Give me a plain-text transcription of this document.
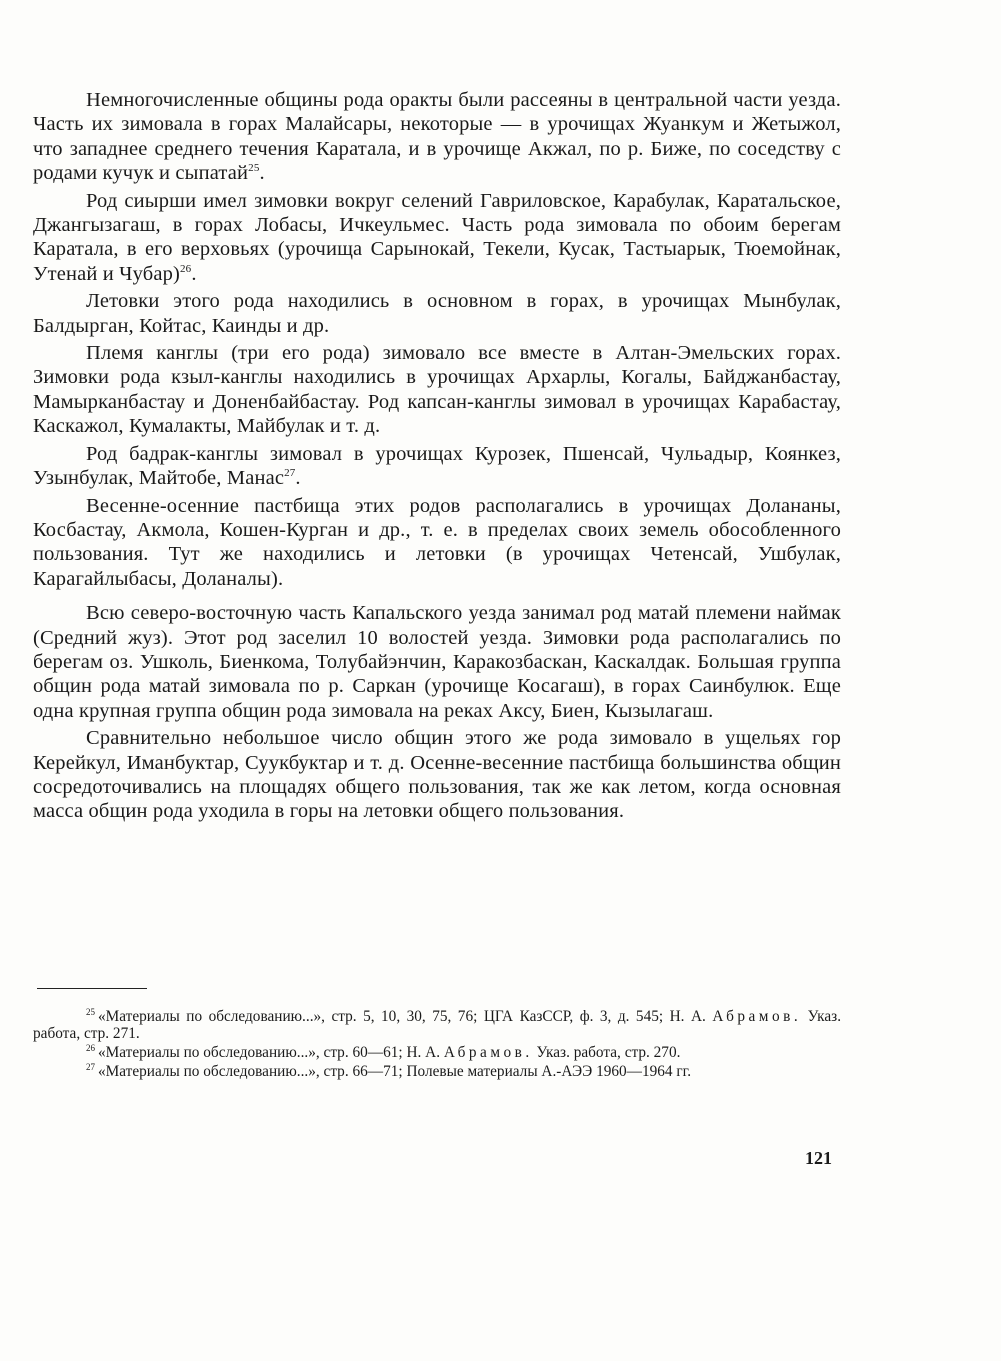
Немногочисленные общины рода оракты были рассеяны в центральной части уезда. Часть их зимовала в горах Малайсары, некоторые — в урочищах Жуанкум и Жетыжол, что западнее среднего течения Каратала, и в урочище Акжал, по р. Биже, по соседству с родами кучук и сыпатай$^{25}$.

Род сиырши имел зимовки вокруг селений Гавриловское, Карабулак, Каратальское, Джангызагаш, в горах Лобасы, Ичкеульмес. Часть рода зимовала по обоим берегам Каратала, в его верховьях (урочища Сарынокай, Текели, Кусак, Тастыарык, Тюемойнак, Утенай и Чубар)$^{26}$.

Летовки этого рода находились в основном в горах, в урочищах Мынбулак, Балдырган, Койтас, Каинды и др.

Племя канглы (три его рода) зимовало все вместе в Алтан-Эмельских горах. Зимовки рода кзыл-канглы находились в урочищах Архарлы, Когалы, Байджанбастау, Мамырканбастау и Доненбайбастау. Род капсан-канглы зимовал в урочищах Карабастау, Каскажол, Кумалакты, Майбулак и т. д.

Род бадрак-канглы зимовал в урочищах Курозек, Пшенсай, Чульадыр, Коянкез, Узынбулак, Майтобе, Манас$^{27}$.

Весенне-осенние пастбища этих родов располагались в урочищах Долананы, Косбастау, Акмола, Кошен-Курган и др., т. е. в пределах своих земель обособленного пользования. Тут же находились и летовки (в урочищах Четенсай, Ушбулак, Карагайлыбасы, Доланалы).

Всю северо-восточную часть Капальского уезда занимал род матай племени наймак (Средний жуз). Этот род заселил 10 волостей уезда. Зимовки рода располагались по берегам оз. Ушколь, Биенкома, Толубайэнчин, Каракозбаскан, Каскалдак. Большая группа общин рода матай зимовала по р. Саркан (урочище Косагаш), в горах Саинбулюк. Еще одна крупная группа общин рода зимовала на реках Аксу, Биен, Кызылагаш.

Сравнительно небольшое число общин этого же рода зимовало в ущельях гор Керейкул, Иманбуктар, Суукбуктар и т. д. Осенне-весенние пастбища большинства общин сосредоточивались на площадях общего пользования, так же как летом, когда основная масса общин рода уходила в горы на летовки общего пользования.

$^{25}$ «Материалы по обследованию...», стр. 5, 10, 30, 75, 76; ЦГА КазССР, ф. 3, д. 545; Н. А. Абрамов. Указ. работа, стр. 271.

$^{26}$ «Материалы по обследованию...», стр. 60—61; Н. А. Абрамов. Указ. работа, стр. 270.

$^{27}$ «Материалы по обследованию...», стр. 66—71; Полевые материалы А.-АЭЭ 1960—1964 гг.

121
